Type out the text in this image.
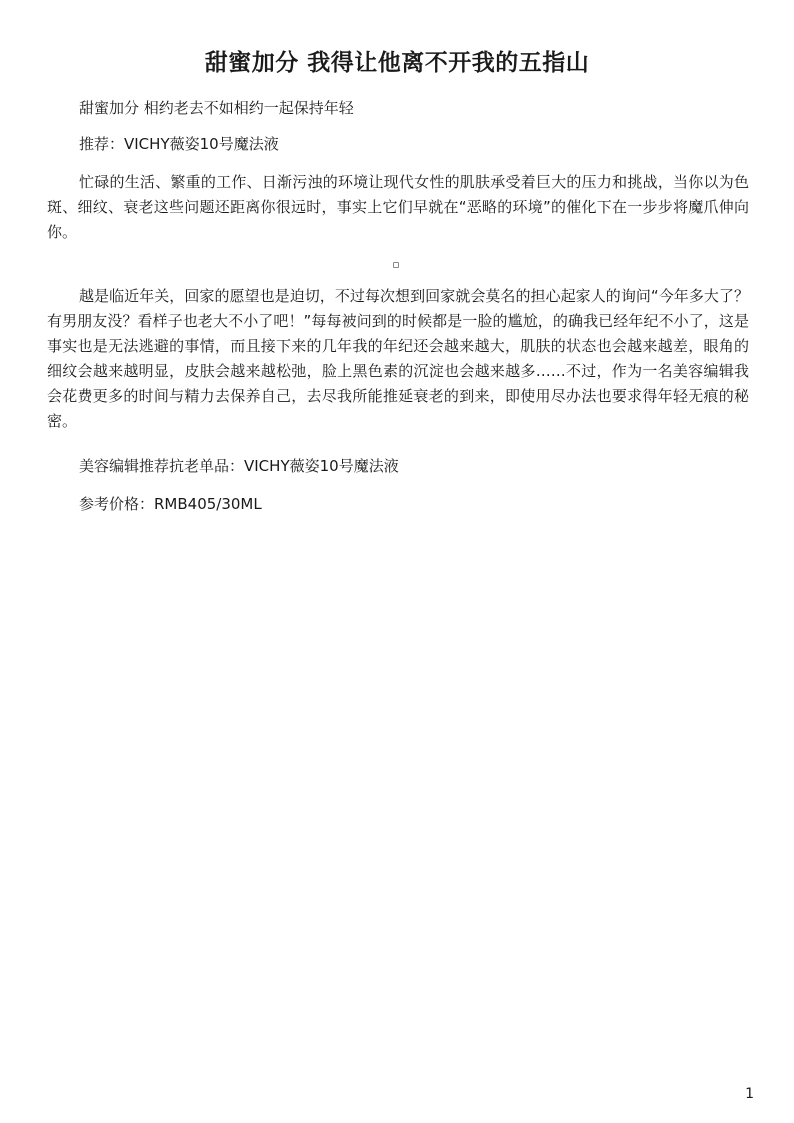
甜蜜加分 我得让他离不开我的五指山

甜蜜加分 相约老去不如相约一起保持年轻

推荐：VICHY薇姿10号魔法液

忙碌的生活、繁重的工作、日渐污浊的环境让现代女性的肌肤承受着巨大的压力和挑战，当你以为色斑、细纹、衰老这些问题还距离你很远时，事实上它们早就在“恶略的环境”的催化下在一步步将魔爪伸向你。

越是临近年关，回家的愿望也是迫切，不过每次想到回家就会莫名的担心起家人的询问“今年多大了？有男朋友没？看样子也老大不小了吧！”每每被问到的时候都是一脸的尴尬，的确我已经年纪不小了，这是事实也是无法逃避的事情，而且接下来的几年我的年纪还会越来越大，肌肤的状态也会越来越差，眼角的细纹会越来越明显，皮肤会越来越松弛，脸上黑色素的沉淀也会越来越多……不过，作为一名美容编辑我会花费更多的时间与精力去保养自己，去尽我所能推延衰老的到来，即使用尽办法也要求得年轻无痕的秘密。

美容编辑推荐抗老单品：VICHY薇姿10号魔法液

参考价格：RMB405/30ML

1
